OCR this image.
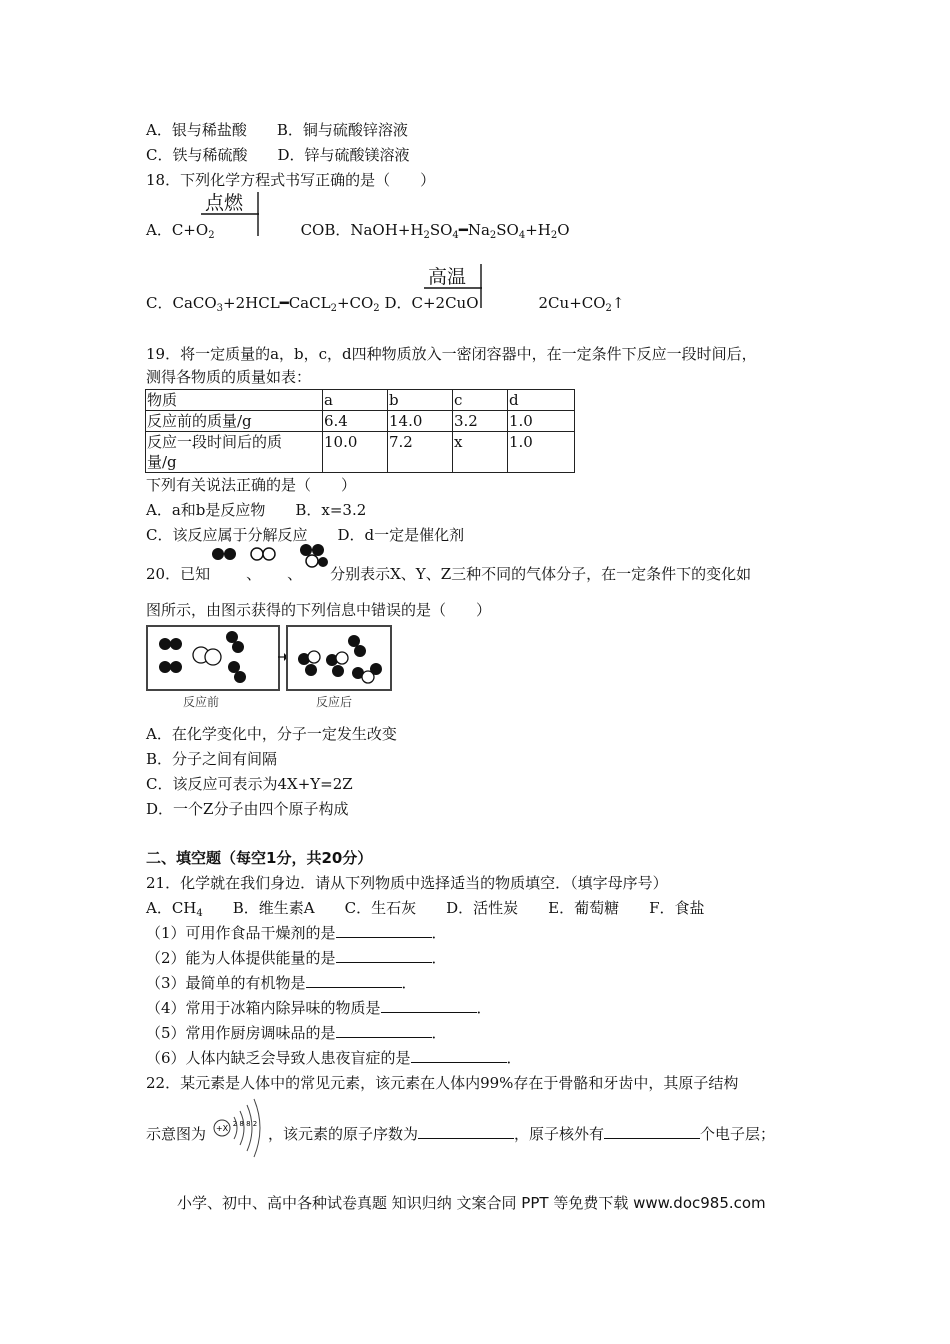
A．银与稀盐酸　　 B．铜与硫酸锌溶液
C．铁与稀硫酸　　 D．锌与硫酸镁溶液
18．下列化学方程式书写正确的是（　　）
点燃
A．$C+O_2$	COB．$NaOH+H_2SO_4━Na_2SO_4+H_2O$
高温
C．$CaCO_3+2HCL━CaCL_2+CO_2$ D．C+2CuO	$2Cu+CO_2↑$
19．将一定质量的a，b，c，d四种物质放入一密闭容器中，在一定条件下反应一段时间后，
测得各物质的质量如表：
物质	a	b	c	d
反应前的质量/g	6.4	14.0	3.2	1.0
反应一段时间后的质
量/g	10.0	7.2	x	1.0
下列有关说法正确的是（　　）
A．a和b是反应物　　B．x=3.2
C．该反应属于分解反应　　D．d一定是催化剂
20．已知 、 、 分别表示X、Y、Z三种不同的气体分子，在一定条件下的变化如
图所示，由图示获得的下列信息中错误的是（　　）
反应前	反应后
A．在化学变化中，分子一定发生改变
B．分子之间有间隔
C．该反应可表示为4X+Y=2Z
D．一个Z分子由四个原子构成
二、填空题（每空1分，共20分）
21．化学就在我们身边．请从下列物质中选择适当的物质填空．（填字母序号）
A．$CH_4$　　B．维生素A　　C．生石灰　　D．活性炭　　E．葡萄糖　　F．食盐
（1）可用作食品干燥剂的是	．
（2）能为人体提供能量的是	．
（3）最简单的有机物是	．
（4）常用于冰箱内除异味的物质是	．
（5）常用作厨房调味品的是	．
（6）人体内缺乏会导致人患夜盲症的是	．
22．某元素是人体中的常见元素，该元素在人体内99%存在于骨骼和牙齿中，其原子结构
+X 2 8 8 2
示意图为	，该元素的原子序数为	，原子核外有	个电子层；
小学、初中、高中各种试卷真题 知识归纳 文案合同 PPT 等免费下载 www.doc985.com
